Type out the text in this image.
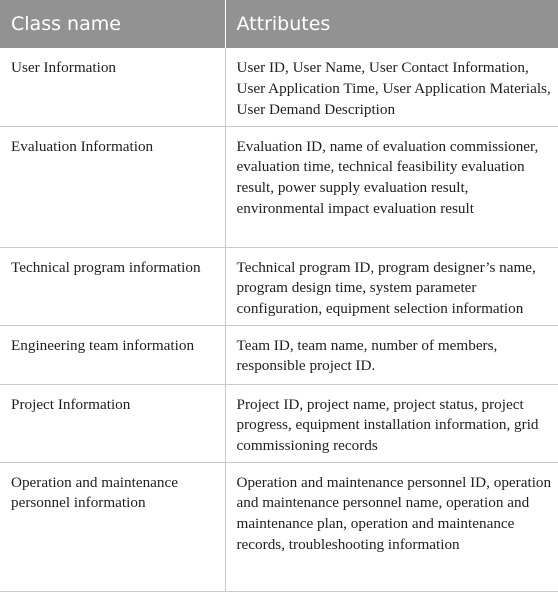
Class name	Attributes
User Information	User ID, User Name, User Contact Information, User Application Time, User Application Materials, User Demand Description
Evaluation Information	Evaluation ID, name of evaluation commissioner, evaluation time, technical feasibility evaluation result, power supply evaluation result, environmental impact evaluation result
Technical program information	Technical program ID, program designer’s name, program design time, system parameter configuration, equipment selection information
Engineering team information	Team ID, team name, number of members, responsible project ID.
Project Information	Project ID, project name, project status, project progress, equipment installation information, grid commissioning records
Operation and maintenance personnel information	Operation and maintenance personnel ID, operation and maintenance personnel name, operation and maintenance plan, operation and maintenance records, troubleshooting information
